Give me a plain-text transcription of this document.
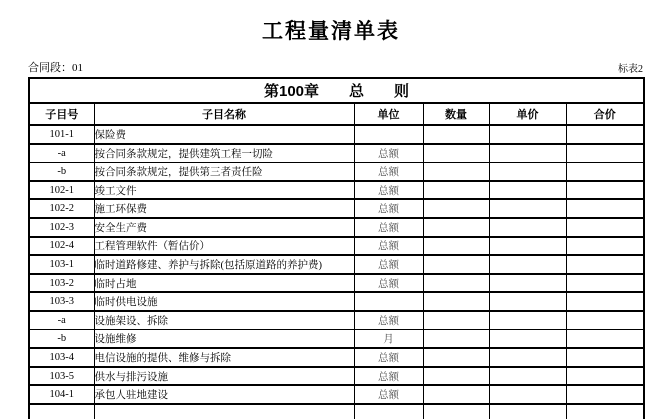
工程量清单表
合同段：01	标表2
第100章　　总　　则					
子目号	子目名称	单位	数量	单价	合价
101-1	保险费				
-a	按合同条款规定，提供建筑工程一切险	总额			
-b	按合同条款规定，提供第三者责任险	总额			
102-1	竣工文件	总额			
102-2	施工环保费	总额			
102-3	安全生产费	总额			
102-4	工程管理软件（暂估价）	总额			
103-1	临时道路修建、养护与拆除(包括原道路的养护费)	总额			
103-2	临时占地	总额			
103-3	临时供电设施				
-a	设施架设、拆除	总额			
-b	设施维修	月			
103-4	电信设施的提供、维修与拆除	总额			
103-5	供水与排污设施	总额			
104-1	承包人驻地建设	总额			
